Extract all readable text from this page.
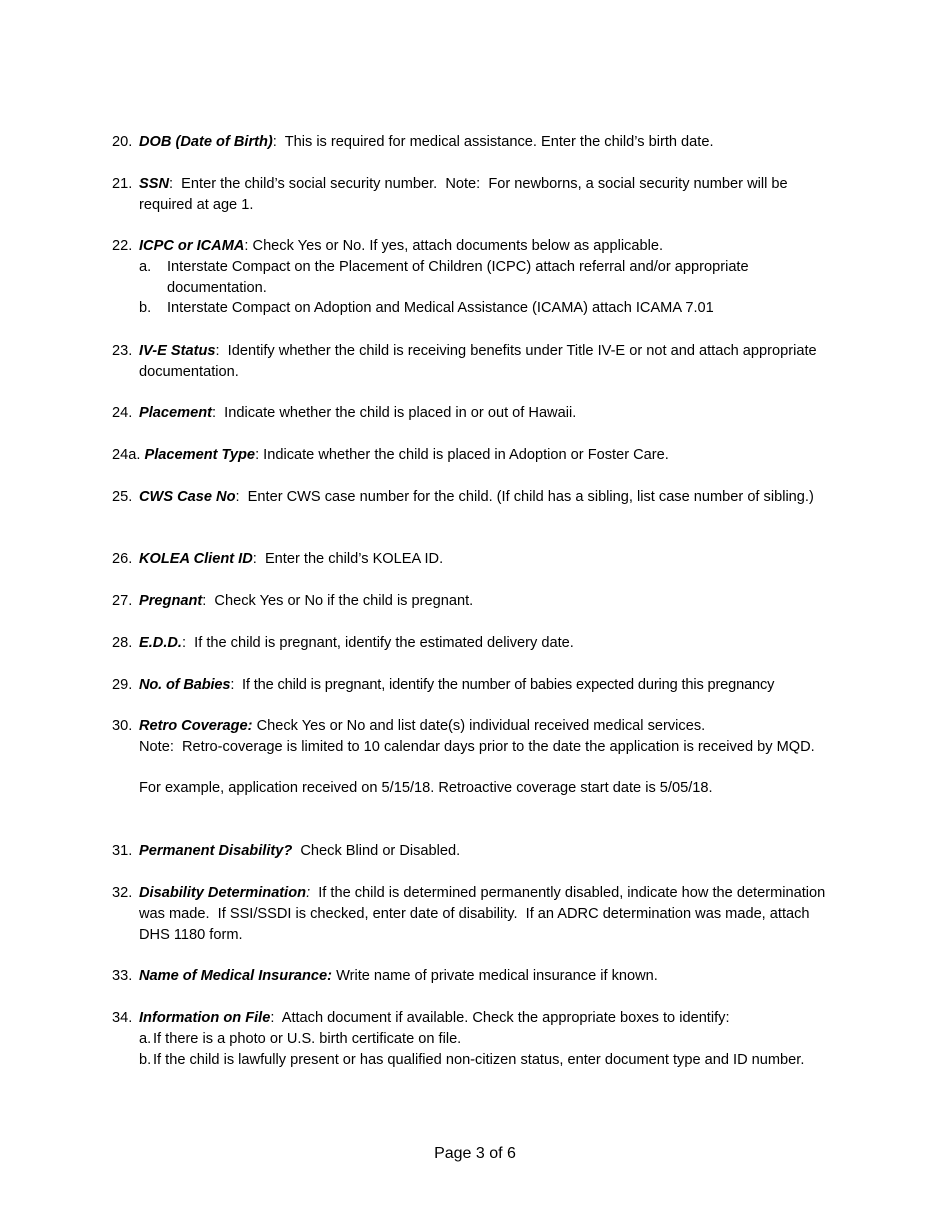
20. DOB (Date of Birth):  This is required for medical assistance. Enter the child’s birth date.
21. SSN:  Enter the child’s social security number.  Note:  For newborns, a social security number will be required at age 1.
22. ICPC or ICAMA: Check Yes or No. If yes, attach documents below as applicable.
a. Interstate Compact on the Placement of Children (ICPC) attach referral and/or appropriate documentation.
b. Interstate Compact on Adoption and Medical Assistance (ICAMA) attach ICAMA 7.01
23. IV-E Status:  Identify whether the child is receiving benefits under Title IV-E or not and attach appropriate documentation.
24. Placement:  Indicate whether the child is placed in or out of Hawaii.
24a. Placement Type: Indicate whether the child is placed in Adoption or Foster Care.
25. CWS Case No:  Enter CWS case number for the child. (If child has a sibling, list case number of sibling.)
26. KOLEA Client ID:  Enter the child’s KOLEA ID.
27. Pregnant:  Check Yes or No if the child is pregnant.
28. E.D.D.:  If the child is pregnant, identify the estimated delivery date.
29. No. of Babies:  If the child is pregnant, identify the number of babies expected during this pregnancy
30. Retro Coverage: Check Yes or No and list date(s) individual received medical services.
Note:  Retro-coverage is limited to 10 calendar days prior to the date the application is received by MQD.
For example, application received on 5/15/18. Retroactive coverage start date is 5/05/18.
31. Permanent Disability?  Check Blind or Disabled.
32. Disability Determination:  If the child is determined permanently disabled, indicate how the determination was made.  If SSI/SSDI is checked, enter date of disability.  If an ADRC determination was made, attach DHS 1180 form.
33. Name of Medical Insurance: Write name of private medical insurance if known.
34. Information on File:  Attach document if available. Check the appropriate boxes to identify:
a. If there is a photo or U.S. birth certificate on file.
b. If the child is lawfully present or has qualified non-citizen status, enter document type and ID number.
Page 3 of 6
